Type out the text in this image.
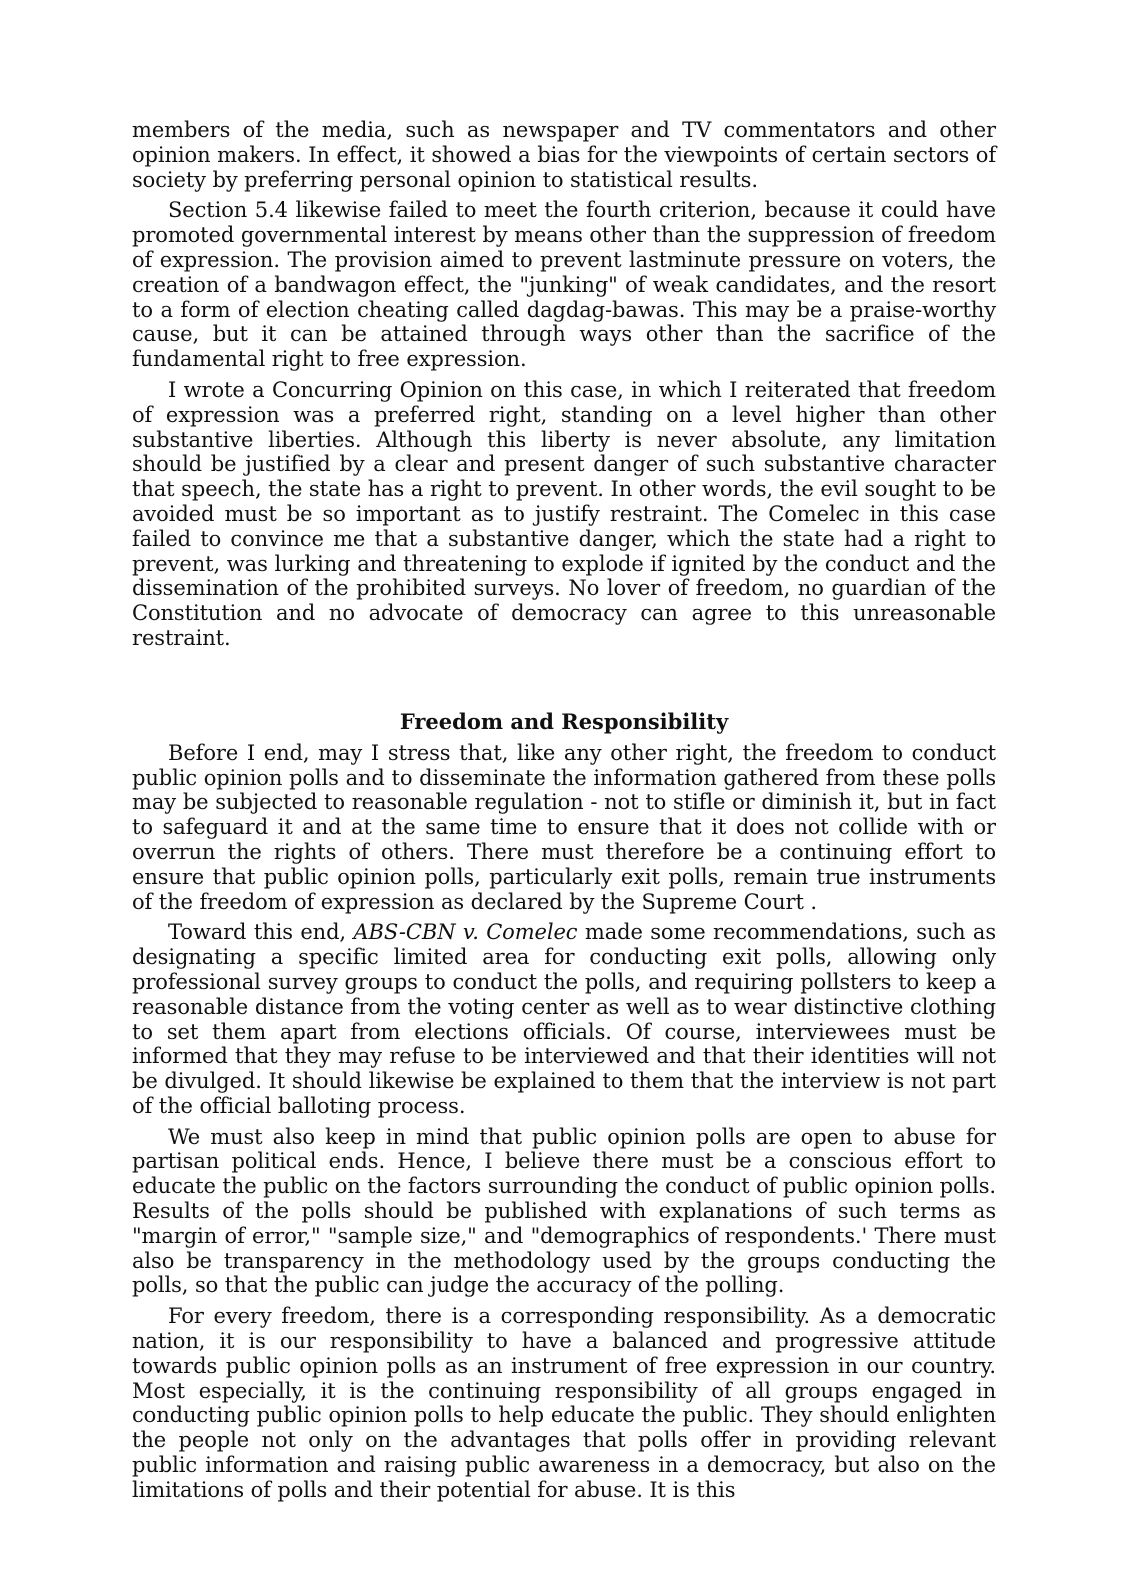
members of the media, such as newspaper and TV commentators and other opinion makers. In effect, it showed a bias for the viewpoints of certain sectors of society by preferring personal opinion to statistical results.

Section 5.4 likewise failed to meet the fourth criterion, because it could have promoted governmental interest by means other than the suppression of freedom of expression. The provision aimed to prevent lastminute pressure on voters, the creation of a bandwagon effect, the "junking" of weak candidates, and the resort to a form of election cheating called dagdag-bawas. This may be a praise-worthy cause, but it can be attained through ways other than the sacrifice of the fundamental right to free expression.

I wrote a Concurring Opinion on this case, in which I reiterated that freedom of expression was a preferred right, standing on a level higher than other substantive liberties. Although this liberty is never absolute, any limitation should be justified by a clear and present danger of such substantive character that speech, the state has a right to prevent. In other words, the evil sought to be avoided must be so important as to justify restraint. The Comelec in this case failed to convince me that a substantive danger, which the state had a right to prevent, was lurking and threatening to explode if ignited by the conduct and the dissemination of the prohibited surveys. No lover of freedom, no guardian of the Constitution and no advocate of democracy can agree to this unreasonable restraint.

Freedom and Responsibility

Before I end, may I stress that, like any other right, the freedom to conduct public opinion polls and to disseminate the information gathered from these polls may be subjected to reasonable regulation - not to stifle or diminish it, but in fact to safeguard it and at the same time to ensure that it does not collide with or overrun the rights of others. There must therefore be a continuing effort to ensure that public opinion polls, particularly exit polls, remain true instruments of the freedom of expression as declared by the Supreme Court .

Toward this end, ABS-CBN v. Comelec made some recommendations, such as designating a specific limited area for conducting exit polls, allowing only professional survey groups to conduct the polls, and requiring pollsters to keep a reasonable distance from the voting center as well as to wear distinctive clothing to set them apart from elections officials. Of course, interviewees must be informed that they may refuse to be interviewed and that their identities will not be divulged. It should likewise be explained to them that the interview is not part of the official balloting process.

We must also keep in mind that public opinion polls are open to abuse for partisan political ends. Hence, I believe there must be a conscious effort to educate the public on the factors surrounding the conduct of public opinion polls. Results of the polls should be published with explanations of such terms as "margin of error," "sample size," and "demographics of respondents.' There must also be transparency in the methodology used by the groups conducting the polls, so that the public can judge the accuracy of the polling.

For every freedom, there is a corresponding responsibility. As a democratic nation, it is our responsibility to have a balanced and progressive attitude towards public opinion polls as an instrument of free expression in our country. Most especially, it is the continuing responsibility of all groups engaged in conducting public opinion polls to help educate the public. They should enlighten the people not only on the advantages that polls offer in providing relevant public information and raising public awareness in a democracy, but also on the limitations of polls and their potential for abuse. It is this
